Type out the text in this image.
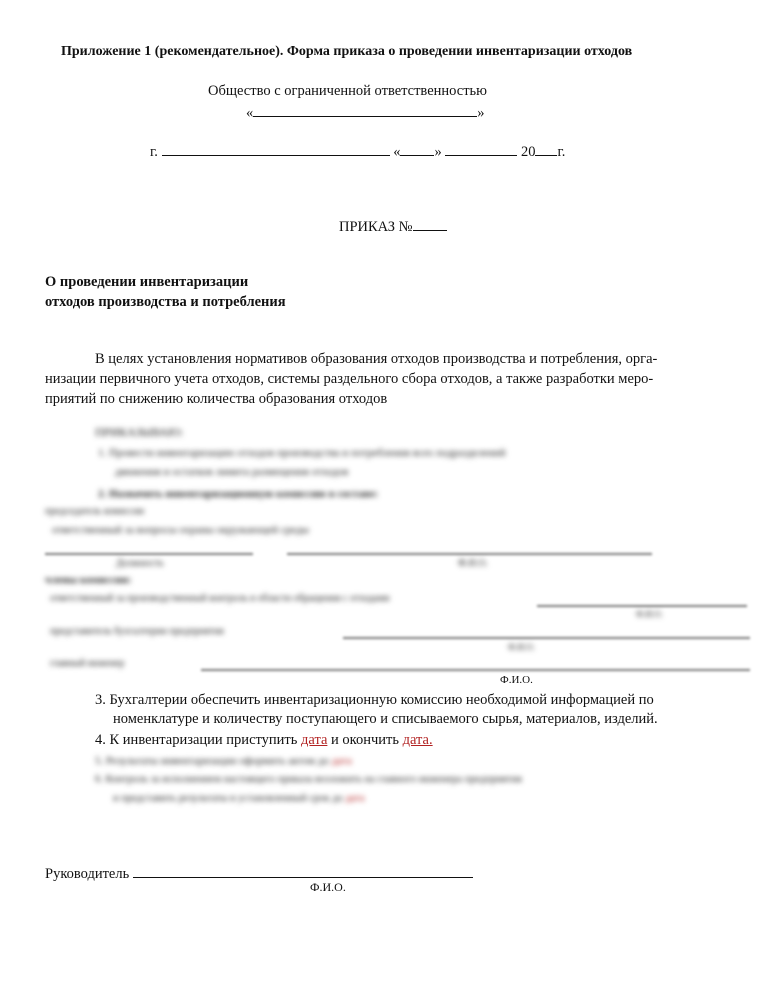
Приложение 1 (рекомендательное). Форма приказа о проведении инвентаризации отходов
Общество с ограниченной ответственностью
«	»
г.	« »	20 г.
ПРИКАЗ №
О проведении инвентаризации
отходов производства и потребления
В целях установления нормативов образования отходов производства и потребления, орга-
низации первичного учета отходов, системы раздельного сбора отходов, а также разработки меро-
приятий по снижению количества образования отходов
ПРИКАЗЫВАЮ:
1. Провести инвентаризацию отходов производства и потребления всех подразделений
движения и остатков лимита размещения отходов
2. Назначить инвентаризационную комиссию в составе:
председатель комиссии
ответственный за вопросы охраны окружающей среды
Должность	Ф.И.О.
члены комиссии:
ответственный за производственный контроль в области обращения с отходами
Ф.И.О.
представитель бухгалтерии предприятия
Ф.И.О.
главный инженер
Ф.И.О.
3. Бухгалтерии обеспечить инвентаризационную комиссию необходимой информацией по
номенклатуре и количеству поступающего и списываемого сырья, материалов, изделий.
4. К инвентаризации приступить дата и окончить дата.
5. Результаты инвентаризации оформить актом до дата
6. Контроль за исполнением настоящего приказа возложить на главного инженера предприятия
и представить результаты в установленный срок до дата
Руководитель
Ф.И.О.
